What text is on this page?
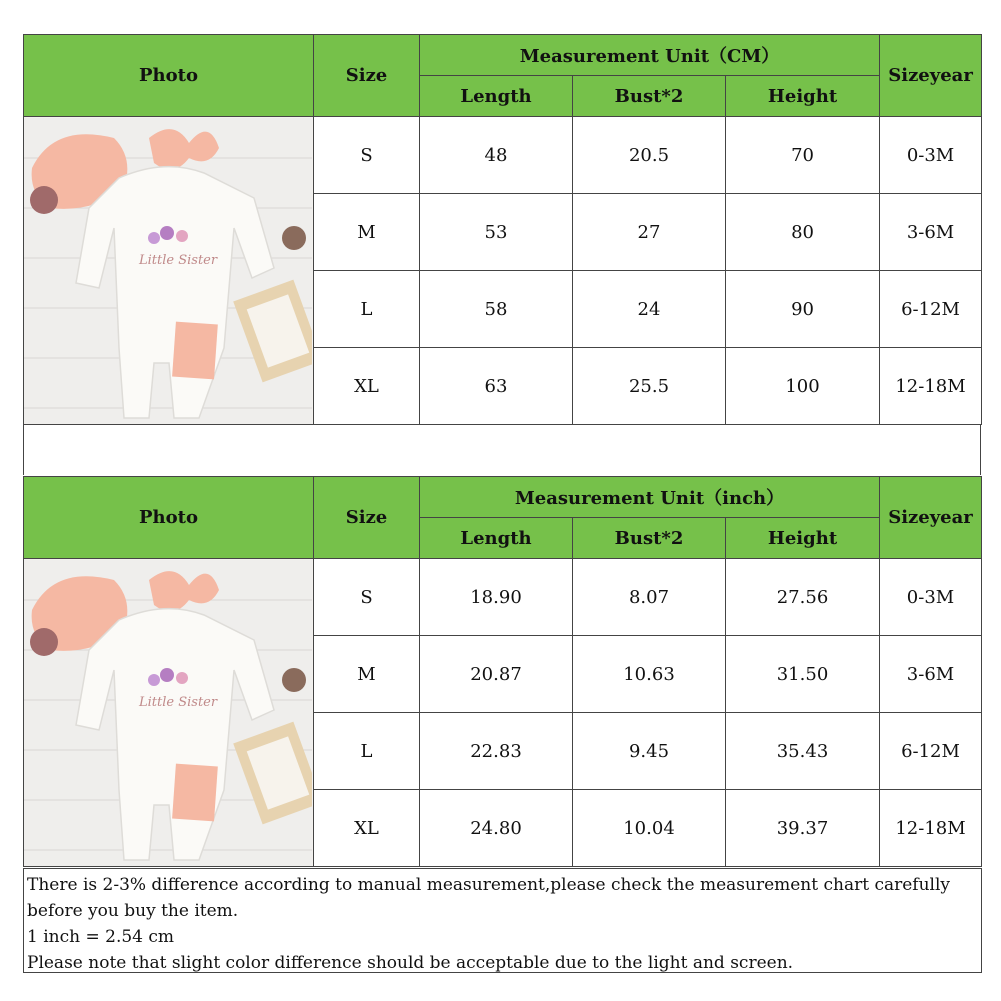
Photo	Size	Measurement Unit（CM）			Sizeyear
		Length	Bust*2	Height	

Little Sister	S	48	20.5	70	0-3M
	M	53	27	80	3-6M
	L	58	24	90	6-12M
	XL	63	25.5	100	12-18M
Photo	Size	Measurement Unit（inch）			Sizeyear
		Length	Bust*2	Height	

Little Sister	S	18.90	8.07	27.56	0-3M
	M	20.87	10.63	31.50	3-6M
	L	22.83	9.45	35.43	6-12M
	XL	24.80	10.04	39.37	12-18M
There is 2-3% difference according to manual measurement,please check the measurement chart carefully
before you buy the item.
1 inch = 2.54 cm
Please note that slight color difference should be acceptable due to the light and screen.
